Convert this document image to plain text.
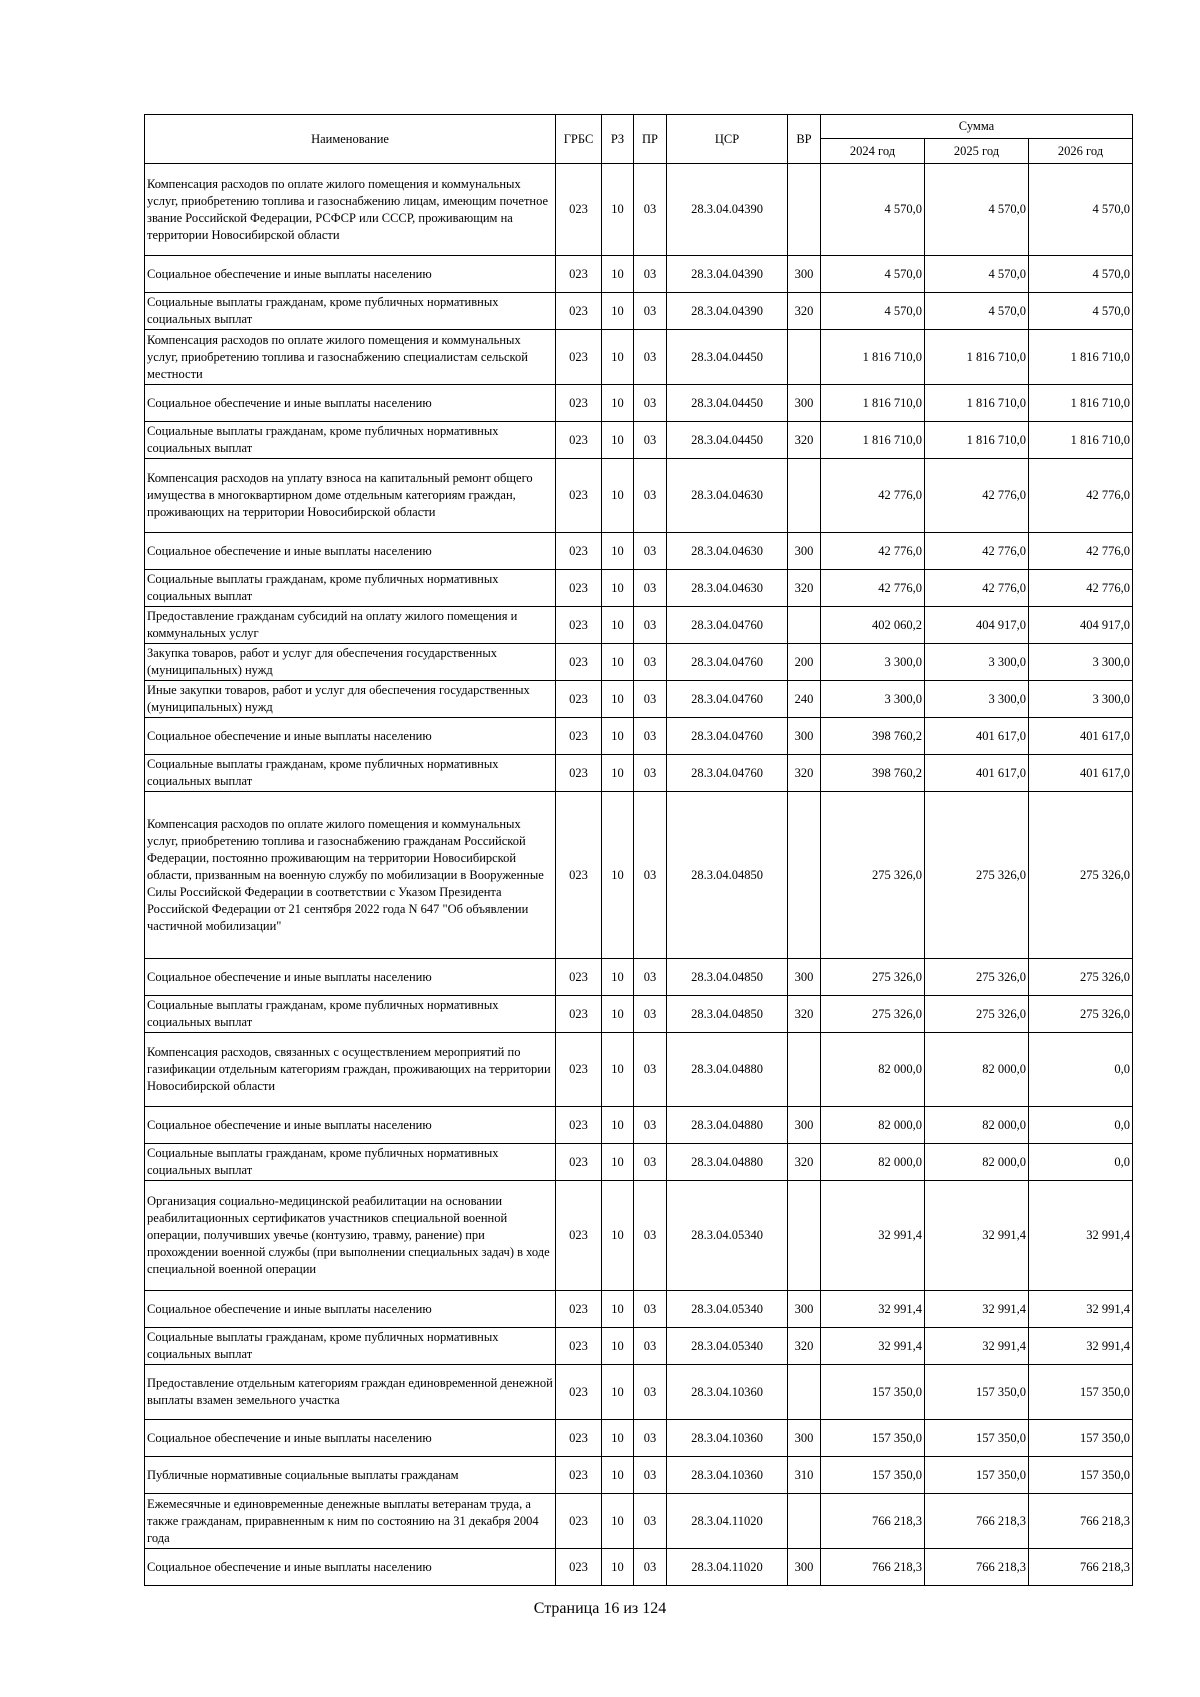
Наименование	ГРБС	РЗ	ПР	ЦСР	ВР	Сумма		
						2024 год	2025 год	2026 год
Компенсация расходов по оплате жилого помещения и коммунальных услуг, приобретению топлива и газоснабжению лицам, имеющим почетное звание Российской Федерации, РСФСР или СССР, проживающим на территории Новосибирской области	023	10	03	28.3.04.04390		4 570,0	4 570,0	4 570,0
Социальное обеспечение и иные выплаты населению	023	10	03	28.3.04.04390	300	4 570,0	4 570,0	4 570,0
Социальные выплаты гражданам, кроме публичных нормативных социальных выплат	023	10	03	28.3.04.04390	320	4 570,0	4 570,0	4 570,0
Компенсация расходов по оплате жилого помещения и коммунальных услуг, приобретению топлива и газоснабжению специалистам сельской местности	023	10	03	28.3.04.04450		1 816 710,0	1 816 710,0	1 816 710,0
Социальное обеспечение и иные выплаты населению	023	10	03	28.3.04.04450	300	1 816 710,0	1 816 710,0	1 816 710,0
Социальные выплаты гражданам, кроме публичных нормативных социальных выплат	023	10	03	28.3.04.04450	320	1 816 710,0	1 816 710,0	1 816 710,0
Компенсация расходов на уплату взноса на капитальный ремонт общего имущества в многоквартирном доме отдельным категориям граждан, проживающих на территории Новосибирской области	023	10	03	28.3.04.04630		42 776,0	42 776,0	42 776,0
Социальное обеспечение и иные выплаты населению	023	10	03	28.3.04.04630	300	42 776,0	42 776,0	42 776,0
Социальные выплаты гражданам, кроме публичных нормативных социальных выплат	023	10	03	28.3.04.04630	320	42 776,0	42 776,0	42 776,0
Предоставление гражданам субсидий на оплату жилого помещения и коммунальных услуг	023	10	03	28.3.04.04760		402 060,2	404 917,0	404 917,0
Закупка товаров, работ и услуг для обеспечения государственных (муниципальных) нужд	023	10	03	28.3.04.04760	200	3 300,0	3 300,0	3 300,0
Иные закупки товаров, работ и услуг для обеспечения государственных (муниципальных) нужд	023	10	03	28.3.04.04760	240	3 300,0	3 300,0	3 300,0
Социальное обеспечение и иные выплаты населению	023	10	03	28.3.04.04760	300	398 760,2	401 617,0	401 617,0
Социальные выплаты гражданам, кроме публичных нормативных социальных выплат	023	10	03	28.3.04.04760	320	398 760,2	401 617,0	401 617,0
Компенсация расходов по оплате жилого помещения и коммунальных услуг, приобретению топлива и газоснабжению гражданам Российской Федерации, постоянно проживающим на территории Новосибирской области, призванным на военную службу по мобилизации в Вооруженные Силы Российской Федерации в соответствии с Указом Президента Российской Федерации от 21 сентября 2022 года N 647 "Об объявлении частичной мобилизации"	023	10	03	28.3.04.04850		275 326,0	275 326,0	275 326,0
Социальное обеспечение и иные выплаты населению	023	10	03	28.3.04.04850	300	275 326,0	275 326,0	275 326,0
Социальные выплаты гражданам, кроме публичных нормативных социальных выплат	023	10	03	28.3.04.04850	320	275 326,0	275 326,0	275 326,0
Компенсация расходов, связанных с осуществлением мероприятий по газификации отдельным категориям граждан, проживающих на территории Новосибирской области	023	10	03	28.3.04.04880		82 000,0	82 000,0	0,0
Социальное обеспечение и иные выплаты населению	023	10	03	28.3.04.04880	300	82 000,0	82 000,0	0,0
Социальные выплаты гражданам, кроме публичных нормативных социальных выплат	023	10	03	28.3.04.04880	320	82 000,0	82 000,0	0,0
Организация социально-медицинской реабилитации на основании реабилитационных сертификатов участников специальной военной операции, получивших увечье (контузию, травму, ранение) при прохождении военной службы (при выполнении специальных задач) в ходе специальной военной операции	023	10	03	28.3.04.05340		32 991,4	32 991,4	32 991,4
Социальное обеспечение и иные выплаты населению	023	10	03	28.3.04.05340	300	32 991,4	32 991,4	32 991,4
Социальные выплаты гражданам, кроме публичных нормативных социальных выплат	023	10	03	28.3.04.05340	320	32 991,4	32 991,4	32 991,4
Предоставление отдельным категориям граждан единовременной денежной выплаты взамен земельного участка	023	10	03	28.3.04.10360		157 350,0	157 350,0	157 350,0
Социальное обеспечение и иные выплаты населению	023	10	03	28.3.04.10360	300	157 350,0	157 350,0	157 350,0
Публичные нормативные социальные выплаты гражданам	023	10	03	28.3.04.10360	310	157 350,0	157 350,0	157 350,0
Ежемесячные и единовременные денежные выплаты ветеранам труда, а также гражданам, приравненным к ним по состоянию на 31 декабря 2004 года	023	10	03	28.3.04.11020		766 218,3	766 218,3	766 218,3
Социальное обеспечение и иные выплаты населению	023	10	03	28.3.04.11020	300	766 218,3	766 218,3	766 218,3
Страница 16 из 124
